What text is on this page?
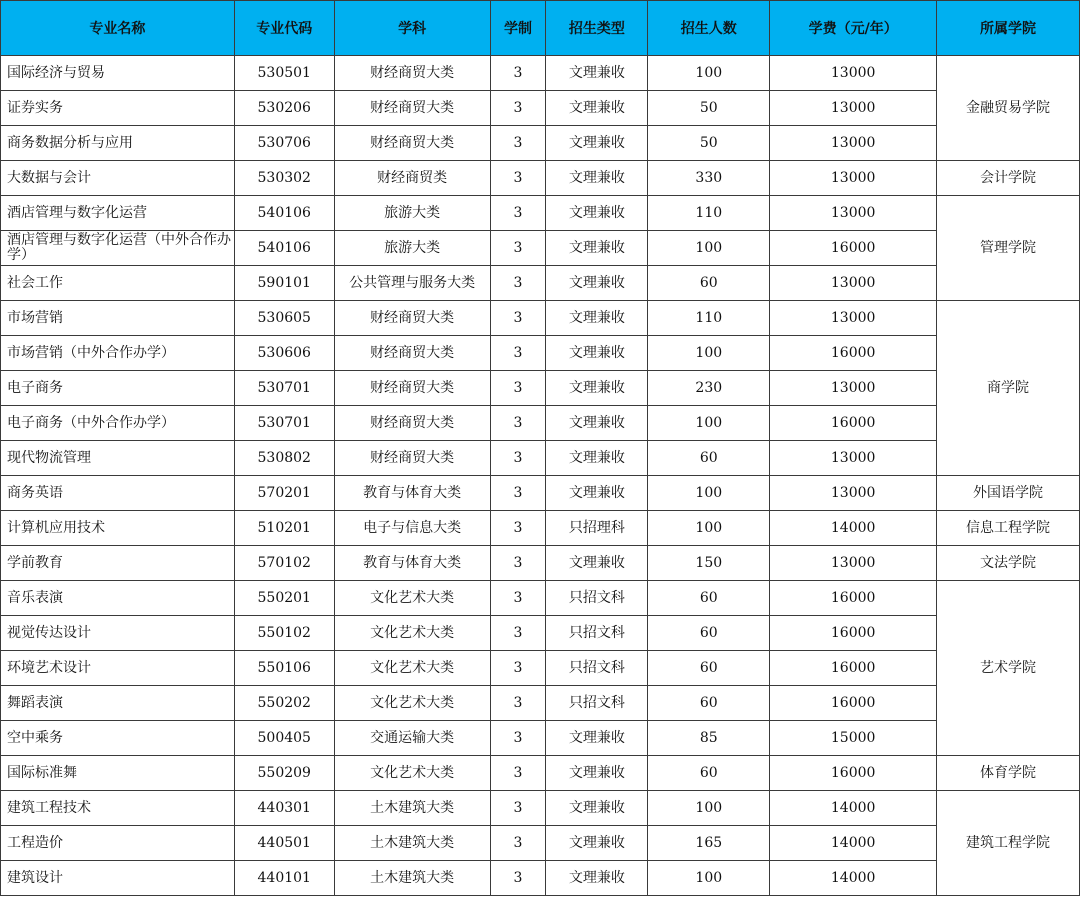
专业名称	专业代码	学科	学制	招生类型	招生人数	学费（元/年）	所属学院
国际经济与贸易	530501	财经商贸大类	3	文理兼收	100	13000	金融贸易学院
证券实务	530206	财经商贸大类	3	文理兼收	50	13000	
商务数据分析与应用	530706	财经商贸大类	3	文理兼收	50	13000	
大数据与会计	530302	财经商贸类	3	文理兼收	330	13000	会计学院
酒店管理与数字化运营	540106	旅游大类	3	文理兼收	110	13000	管理学院
酒店管理与数字化运营（中外合作办学）	540106	旅游大类	3	文理兼收	100	16000	
社会工作	590101	公共管理与服务大类	3	文理兼收	60	13000	
市场营销	530605	财经商贸大类	3	文理兼收	110	13000	商学院
市场营销（中外合作办学）	530606	财经商贸大类	3	文理兼收	100	16000	
电子商务	530701	财经商贸大类	3	文理兼收	230	13000	
电子商务（中外合作办学）	530701	财经商贸大类	3	文理兼收	100	16000	
现代物流管理	530802	财经商贸大类	3	文理兼收	60	13000	
商务英语	570201	教育与体育大类	3	文理兼收	100	13000	外国语学院
计算机应用技术	510201	电子与信息大类	3	只招理科	100	14000	信息工程学院
学前教育	570102	教育与体育大类	3	文理兼收	150	13000	文法学院
音乐表演	550201	文化艺术大类	3	只招文科	60	16000	艺术学院
视觉传达设计	550102	文化艺术大类	3	只招文科	60	16000	
环境艺术设计	550106	文化艺术大类	3	只招文科	60	16000	
舞蹈表演	550202	文化艺术大类	3	只招文科	60	16000	
空中乘务	500405	交通运输大类	3	文理兼收	85	15000	
国际标准舞	550209	文化艺术大类	3	文理兼收	60	16000	体育学院
建筑工程技术	440301	土木建筑大类	3	文理兼收	100	14000	建筑工程学院
工程造价	440501	土木建筑大类	3	文理兼收	165	14000	
建筑设计	440101	土木建筑大类	3	文理兼收	100	14000	
